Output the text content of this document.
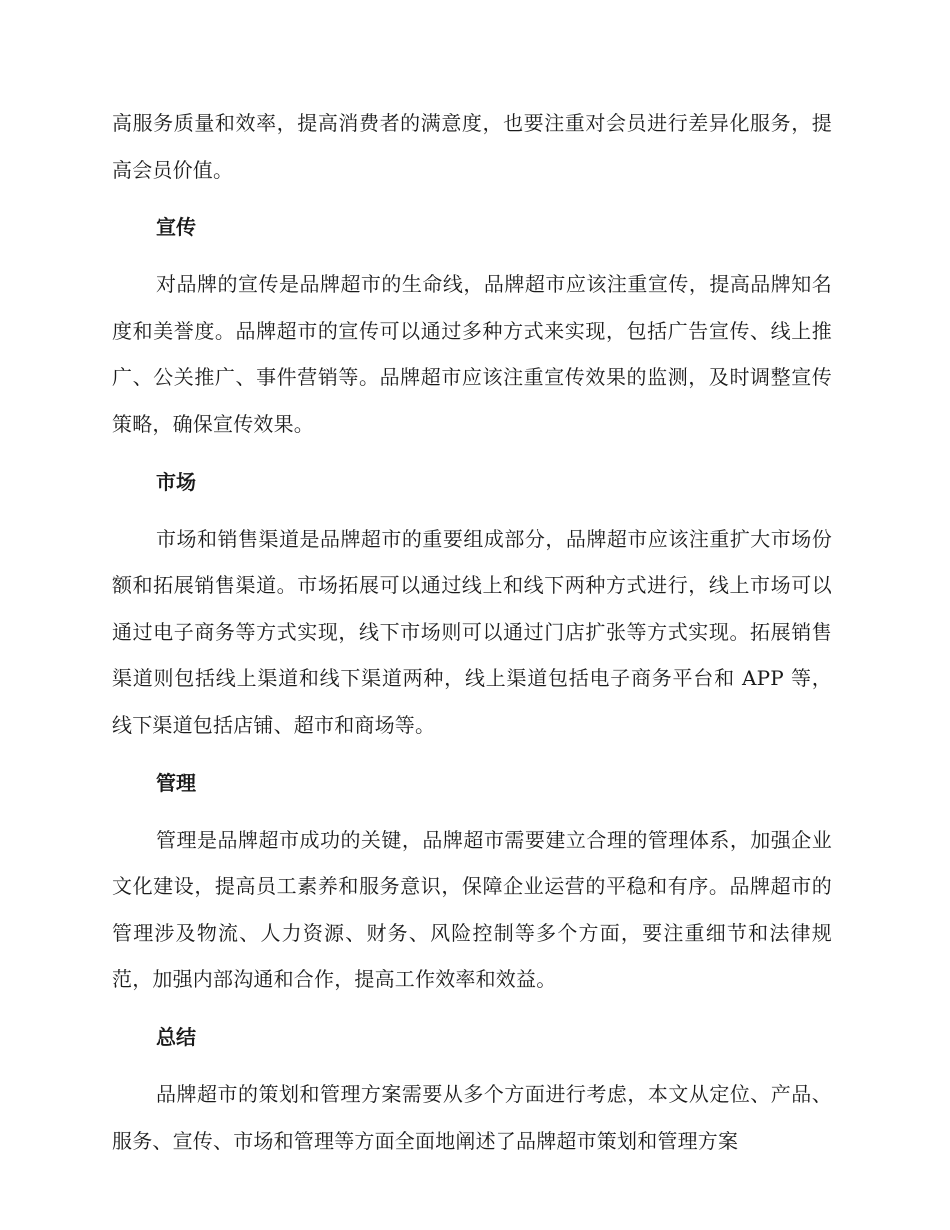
高服务质量和效率，提高消费者的满意度，也要注重对会员进行差异化服务，提高会员价值。

宣传

对品牌的宣传是品牌超市的生命线，品牌超市应该注重宣传，提高品牌知名度和美誉度。品牌超市的宣传可以通过多种方式来实现，包括广告宣传、线上推广、公关推广、事件营销等。品牌超市应该注重宣传效果的监测，及时调整宣传策略，确保宣传效果。

市场

市场和销售渠道是品牌超市的重要组成部分，品牌超市应该注重扩大市场份额和拓展销售渠道。市场拓展可以通过线上和线下两种方式进行，线上市场可以通过电子商务等方式实现，线下市场则可以通过门店扩张等方式实现。拓展销售渠道则包括线上渠道和线下渠道两种，线上渠道包括电子商务平台和 APP 等，线下渠道包括店铺、超市和商场等。

管理

管理是品牌超市成功的关键，品牌超市需要建立合理的管理体系，加强企业文化建设，提高员工素养和服务意识，保障企业运营的平稳和有序。品牌超市的管理涉及物流、人力资源、财务、风险控制等多个方面，要注重细节和法律规范，加强内部沟通和合作，提高工作效率和效益。

总结

品牌超市的策划和管理方案需要从多个方面进行考虑，本文从定位、产品、服务、宣传、市场和管理等方面全面地阐述了品牌超市策划和管理方案
